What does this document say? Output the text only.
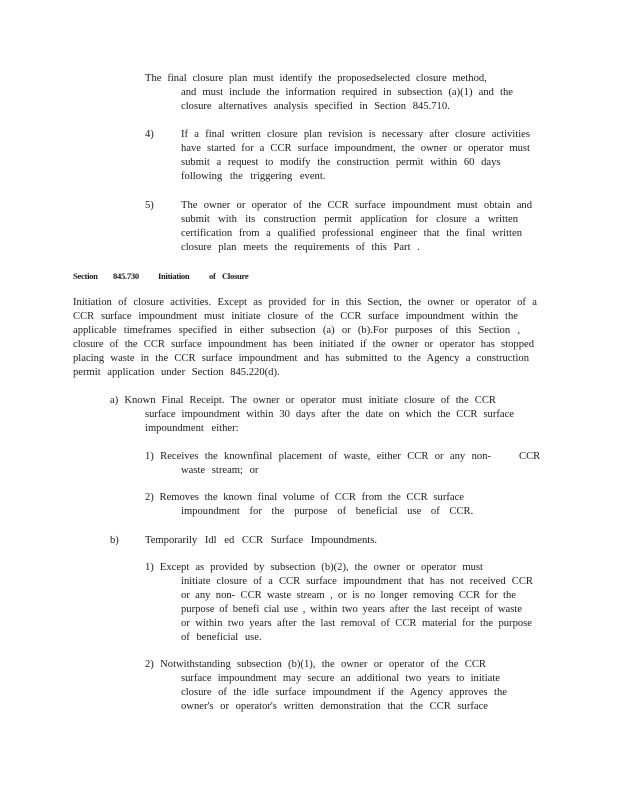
The final closure plan must identify the proposedselected closure method,
and must include the information required in subsection (a)(1) and the
closure alternatives analysis specified in Section 845.710.
4)	If a final written closure plan revision is necessary after closure activities
have started for a CCR surface impoundment, the owner or operator must
submit a request to modify the construction permit within 60 days
following the triggering event.
5)	The owner or operator of the CCR surface impoundment must obtain and
submit with its construction permit application for closure a written
certification from a qualified professional engineer that the final written
closure plan meets the requirements of this Part .
Section 845.730 Initiation of Closure
Initiation of closure activities. Except as provided for in this Section, the owner or operator of a
CCR surface impoundment must initiate closure of the CCR surface impoundment within the
applicable timeframes specified in either subsection (a) or (b).For purposes of this Section ,
closure of the CCR surface impoundment has been initiated if the owner or operator has stopped
placing waste in the CCR surface impoundment and has submitted to the Agency a construction
permit application under Section 845.220(d).
a) Known Final Receipt. The owner or operator must initiate closure of the CCR
surface impoundment within 30 days after the date on which the CCR surface
impoundment either:
1) Receives the knownfinal placement of waste, either CCR or any non-	CCR
waste stream; or
2) Removes the known final volume of CCR from the CCR surface
impoundment for the purpose of beneficial use of CCR.
b) Temporarily Idl ed CCR Surface Impoundments.
1) Except as provided by subsection (b)(2), the owner or operator must
initiate closure of a CCR surface impoundment that has not received CCR
or any non- CCR waste stream , or is no longer removing CCR for the
purpose of benefi cial use , within two years after the last receipt of waste
or within two years after the last removal of CCR material for the purpose
of beneficial use.
2) Notwithstanding subsection (b)(1), the owner or operator of the CCR
surface impoundment may secure an additional two years to initiate
closure of the idle surface impoundment if the Agency approves the
owner's or operator's written demonstration that the CCR surface
